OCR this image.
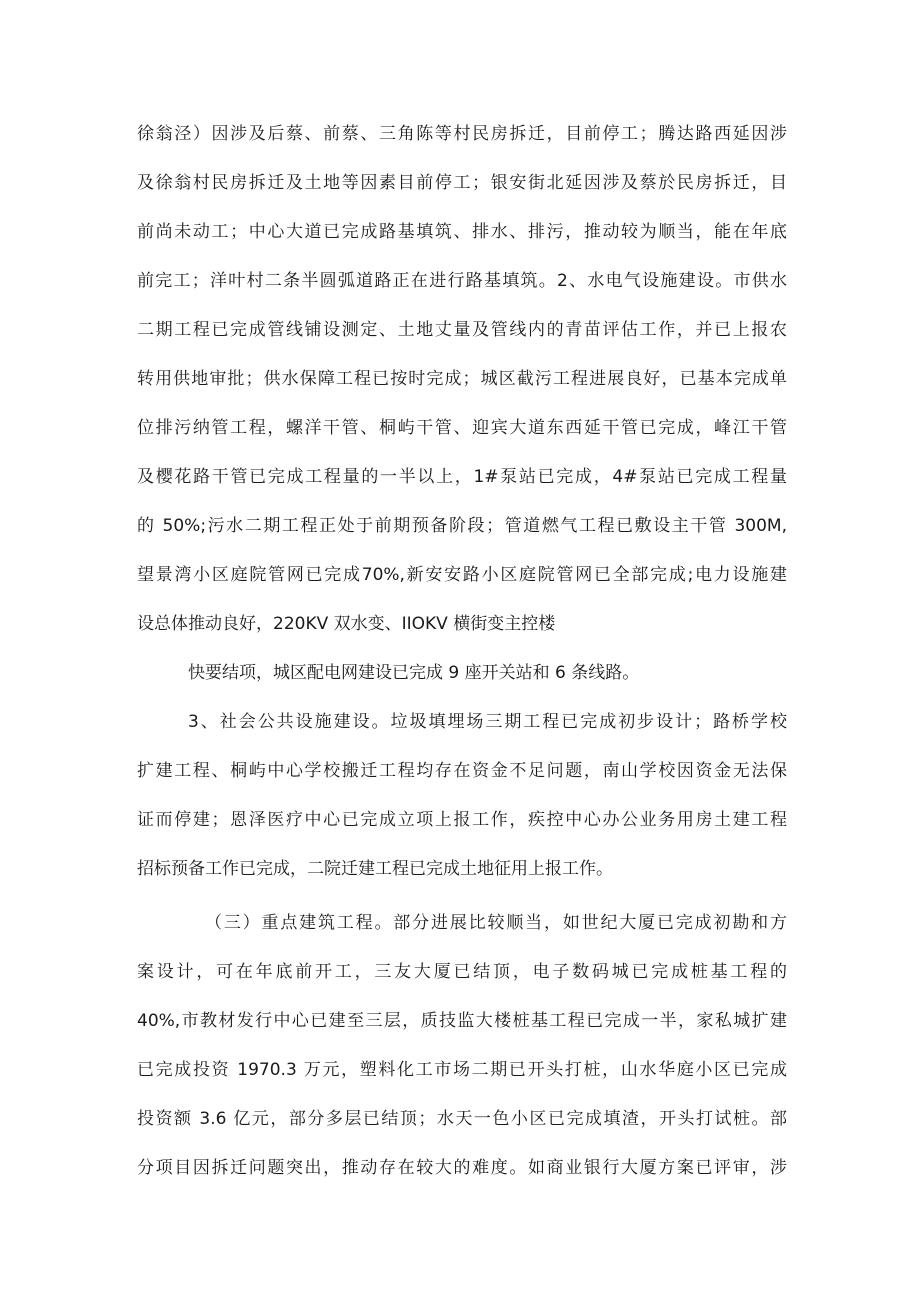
徐翁泾）因涉及后蔡、前蔡、三角陈等村民房拆迁，目前停工；腾达路西延因涉
及徐翁村民房拆迁及土地等因素目前停工；银安街北延因涉及蔡於民房拆迁，目
前尚未动工；中心大道已完成路基填筑、排水、排污，推动较为顺当，能在年底
前完工；洋叶村二条半圆弧道路正在进行路基填筑。2、水电气设施建设。市供水
二期工程已完成管线铺设测定、土地丈量及管线内的青苗评估工作，并已上报农
转用供地审批；供水保障工程已按时完成；城区截污工程进展良好，已基本完成单
位排污纳管工程，螺洋干管、桐屿干管、迎宾大道东西延干管已完成，峰江干管
及樱花路干管已完成工程量的一半以上，1#泵站已完成，4#泵站已完成工程量
的 50%;污水二期工程正处于前期预备阶段；管道燃气工程已敷设主干管 300M,
望景湾小区庭院管网已完成70%,新安安路小区庭院管网已全部完成;电力设施建
设总体推动良好，220KV 双水变、IIOKV 横街变主控楼
快要结项，城区配电网建设已完成 9 座开关站和 6 条线路。
3、社会公共设施建设。垃圾填埋场三期工程已完成初步设计；路桥学校
扩建工程、桐屿中心学校搬迁工程均存在资金不足问题，南山学校因资金无法保
证而停建；恩泽医疗中心已完成立项上报工作，疾控中心办公业务用房土建工程
招标预备工作已完成，二院迁建工程已完成土地征用上报工作。
（三）重点建筑工程。部分进展比较顺当，如世纪大厦已完成初勘和方
案设计，可在年底前开工，三友大厦已结顶，电子数码城已完成桩基工程的
40%,市教材发行中心已建至三层，质技监大楼桩基工程已完成一半，家私城扩建
已完成投资 1970.3 万元，塑料化工市场二期已开头打桩，山水华庭小区已完成
投资额 3.6 亿元，部分多层已结顶；水天一色小区已完成填渣，开头打试桩。部
分项目因拆迁问题突出，推动存在较大的难度。如商业银行大厦方案已评审，涉
